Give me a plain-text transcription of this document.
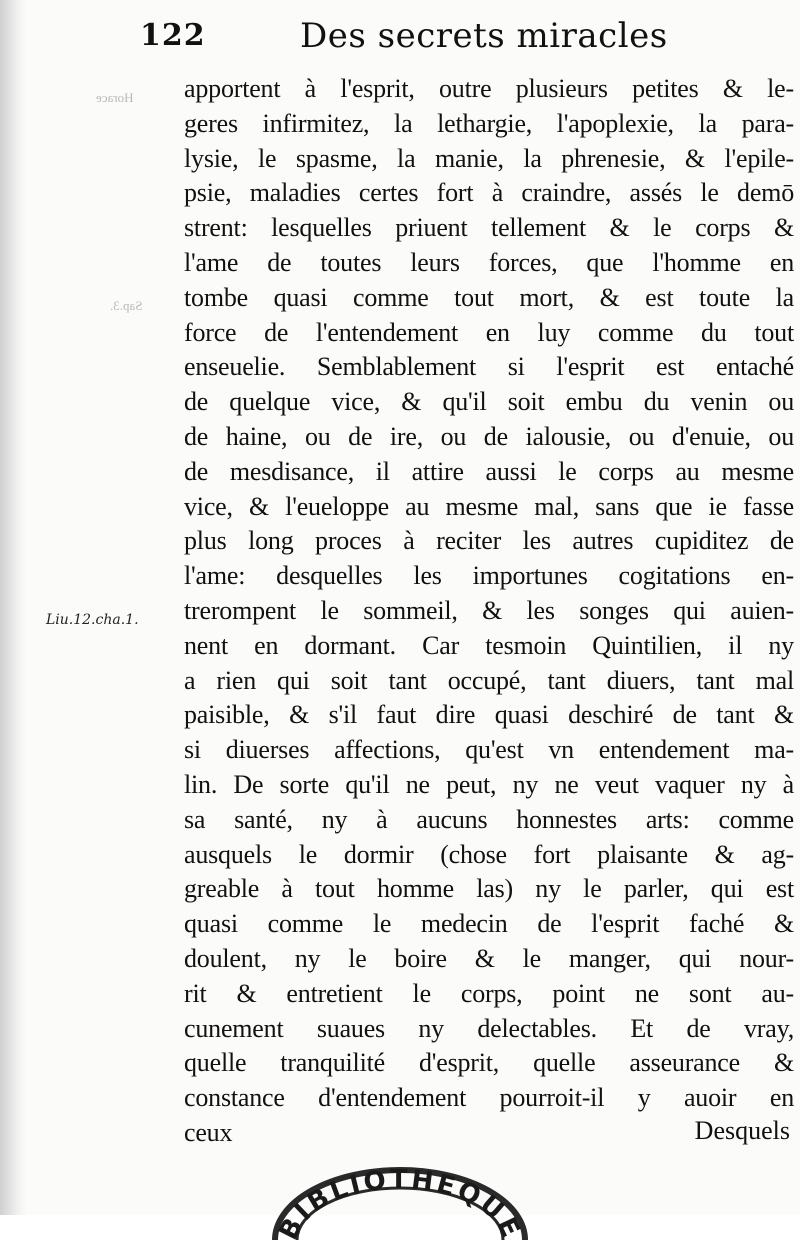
Horace
Sap.3.
122	Des secrets miracles
Liu.12.cha.1.
apportent à l'esprit, outre plusieurs petites & le-
geres infirmitez, la lethargie, l'apoplexie, la para-
lysie, le spasme, la manie, la phrenesie, & l'epile-
psie, maladies certes fort à craindre, assés le demō
strent: lesquelles priuent tellement & le corps &
l'ame de toutes leurs forces, que l'homme en
tombe quasi comme tout mort, & est toute la
force de l'entendement en luy comme du tout
enseuelie. Semblablement si l'esprit est entaché
de quelque vice, & qu'il soit embu du venin ou
de haine, ou de ire, ou de ialousie, ou d'enuie, ou
de mesdisance, il attire aussi le corps au mesme
vice, & l'eueloppe au mesme mal, sans que ie fasse
plus long proces à reciter les autres cupiditez de
l'ame: desquelles les importunes cogitations en-
trerompent le sommeil, & les songes qui auien-
nent en dormant. Car tesmoin Quintilien, il ny
a rien qui soit tant occupé, tant diuers, tant mal
paisible, & s'il faut dire quasi deschiré de tant &
si diuerses affections, qu'est vn entendement ma-
lin. De sorte qu'il ne peut, ny ne veut vaquer ny à
sa santé, ny à aucuns honnestes arts: comme
ausquels le dormir (chose fort plaisante & ag-
greable à tout homme las) ny le parler, qui est
quasi comme le medecin de l'esprit faché &
doulent, ny le boire & le manger, qui nour-
rit & entretient le corps, point ne sont au-
cunement suaues ny delectables. Et de vray,
quelle tranquilité d'esprit, quelle asseurance &
constance d'entendement pourroit-il y auoir en
ceux	Desquels
BIBLIOTHEQUE
